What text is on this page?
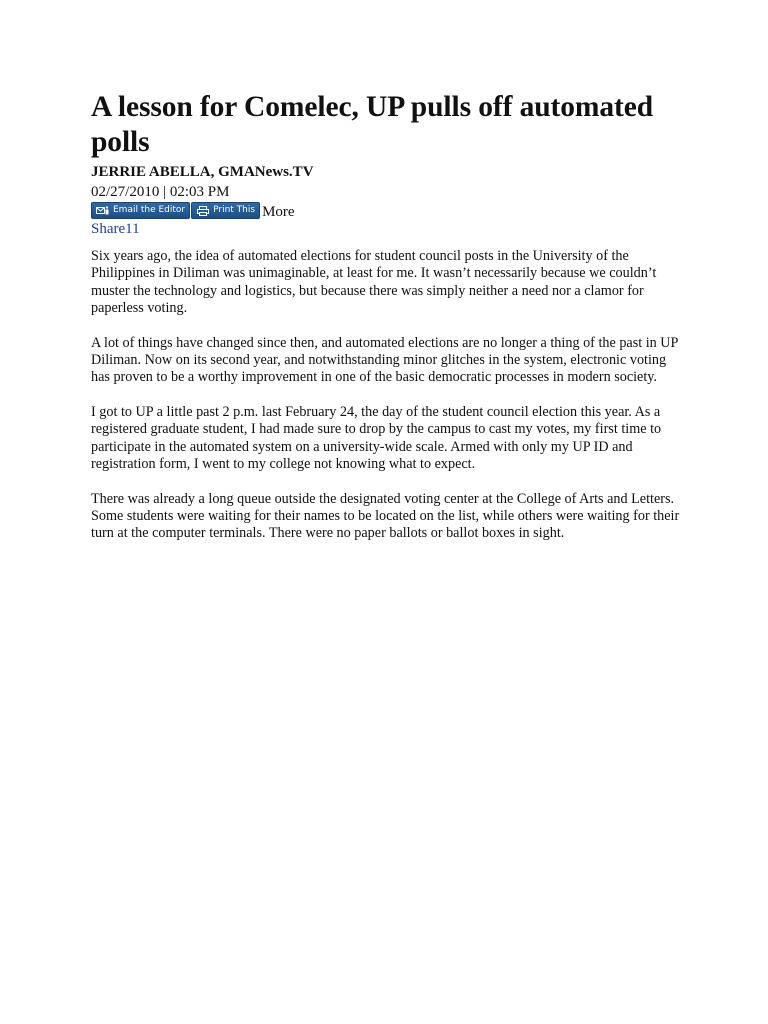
A lesson for Comelec, UP pulls off automated polls
JERRIE ABELLA, GMANews.TV
02/27/2010 | 02:03 PM
Email the Editor	Print This More
Share11

Six years ago, the idea of automated elections for student council posts in the University of the Philippines in Diliman was unimaginable, at least for me. It wasn’t necessarily because we couldn’t muster the technology and logistics, but because there was simply neither a need nor a clamor for paperless voting.

A lot of things have changed since then, and automated elections are no longer a thing of the past in UP Diliman. Now on its second year, and notwithstanding minor glitches in the system, electronic voting has proven to be a worthy improvement in one of the basic democratic processes in modern society.

I got to UP a little past 2 p.m. last February 24, the day of the student council election this year. As a registered graduate student, I had made sure to drop by the campus to cast my votes, my first time to participate in the automated system on a university-wide scale. Armed with only my UP ID and registration form, I went to my college not knowing what to expect.

There was already a long queue outside the designated voting center at the College of Arts and Letters. Some students were waiting for their names to be located on the list, while others were waiting for their turn at the computer terminals. There were no paper ballots or ballot boxes in sight.
